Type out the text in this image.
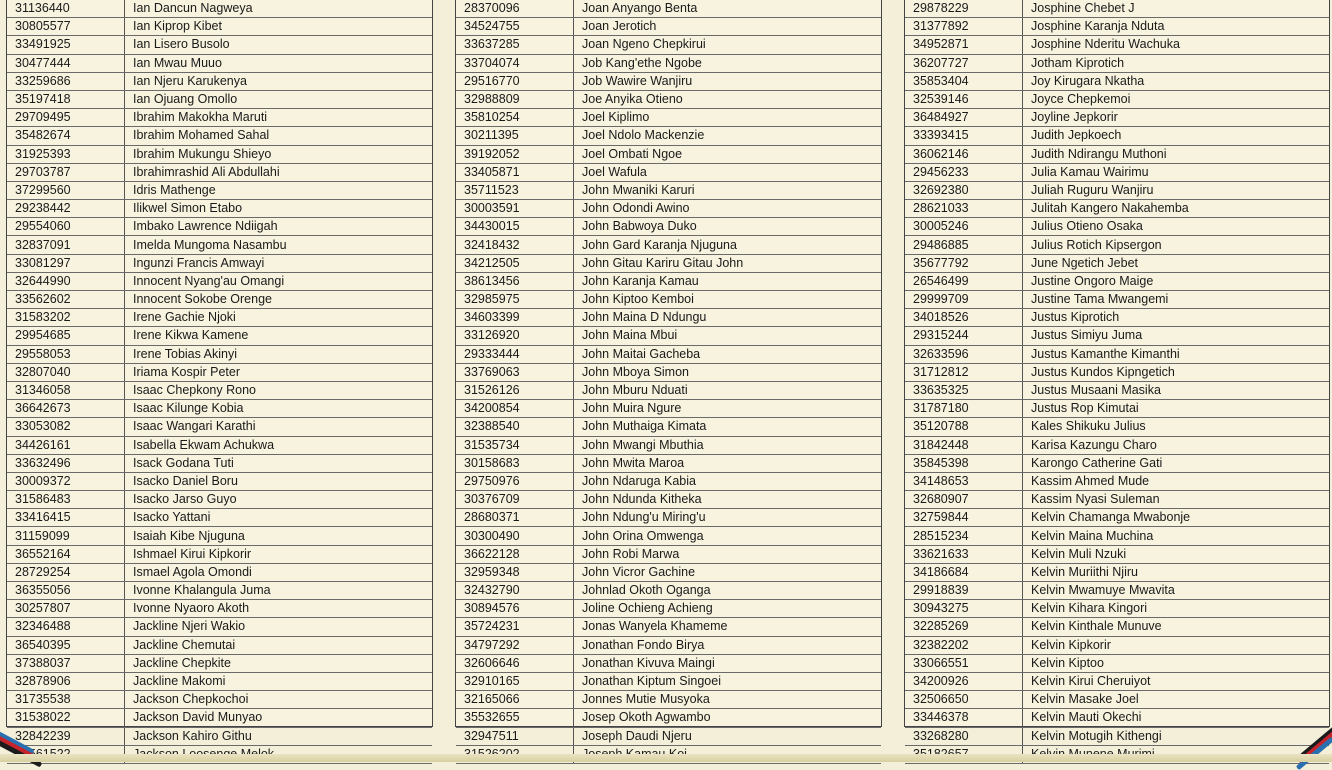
31136440	Ian Dancun Nagweya
30805577	Ian Kiprop Kibet
33491925	Ian Lisero Busolo
30477444	Ian Mwau Muuo
33259686	Ian Njeru Karukenya
35197418	Ian Ojuang Omollo
29709495	Ibrahim Makokha Maruti
35482674	Ibrahim Mohamed Sahal
31925393	Ibrahim Mukungu Shieyo
29703787	Ibrahimrashid Ali Abdullahi
37299560	Idris Mathenge
29238442	Ilikwel Simon Etabo
29554060	Imbako Lawrence Ndiigah
32837091	Imelda Mungoma Nasambu
33081297	Ingunzi Francis Amwayi
32644990	Innocent Nyang'au Omangi
33562602	Innocent Sokobe Orenge
31583202	Irene Gachie Njoki
29954685	Irene Kikwa Kamene
29558053	Irene Tobias Akinyi
32807040	Iriama Kospir Peter
31346058	Isaac Chepkony Rono
36642673	Isaac Kilunge Kobia
33053082	Isaac Wangari Karathi
34426161	Isabella Ekwam Achukwa
33632496	Isack Godana Tuti
30009372	Isacko Daniel Boru
31586483	Isacko Jarso Guyo
33416415	Isacko Yattani
31159099	Isaiah Kibe Njuguna
36552164	Ishmael Kirui Kipkorir
28729254	Ismael Agola Omondi
36355056	Ivonne Khalangula Juma
30257807	Ivonne Nyaoro Akoth
32346488	Jackline Njeri Wakio
36540395	Jackline Chemutai
37388037	Jackline Chepkite
32878906	Jackline Makomi
31735538	Jackson Chepkochoi
31538022	Jackson David Munyao
32842239	Jackson Kahiro Githu

28370096	Joan Anyango Benta
34524755	Joan Jerotich
33637285	Joan Ngeno Chepkirui
33704074	Job Kang'ethe Ngobe
29516770	Job Wawire Wanjiru
32988809	Joe Anyika Otieno
35810254	Joel Kiplimo
30211395	Joel Ndolo Mackenzie
39192052	Joel Ombati Ngoe
33405871	Joel Wafula
35711523	John Mwaniki Karuri
30003591	John Odondi Awino
34430015	John Babwoya Duko
32418432	John Gard Karanja Njuguna
34212505	John Gitau Kariru Gitau John
38613456	John Karanja Kamau
32985975	John Kiptoo Kemboi
34603399	John Maina D Ndungu
33126920	John Maina Mbui
29333444	John Maitai Gacheba
33769063	John Mboya Simon
31526126	John Mburu Nduati
34200854	John Muira Ngure
32388540	John Muthaiga Kimata
31535734	John Mwangi Mbuthia
30158683	John Mwita Maroa
29750976	John Ndaruga Kabia
30376709	John Ndunda Kitheka
28680371	John Ndung'u Miring'u
30300490	John Orina Omwenga
36622128	John Robi Marwa
32959348	John Vicror Gachine
32432790	Johnlad Okoth Oganga
30894576	Joline Ochieng Achieng
35724231	Jonas Wanyela Khameme
34797292	Jonathan Fondo Birya
32606646	Jonathan Kivuva Maingi
32910165	Jonathan Kiptum Singoei
32165066	Jonnes Mutie Musyoka
35532655	Josep Okoth Agwambo
32947511	Joseph Daudi Njeru

29878229	Josphine Chebet J
31377892	Josphine Karanja Nduta
34952871	Josphine Nderitu Wachuka
36207727	Jotham Kiprotich
35853404	Joy Kirugara Nkatha
32539146	Joyce Chepkemoi
36484927	Joyline Jepkorir
33393415	Judith Jepkoech
36062146	Judith Ndirangu Muthoni
29456233	Julia Kamau Wairimu
32692380	Juliah Ruguru Wanjiru
28621033	Julitah Kangero Nakahemba
30005246	Julius Otieno Osaka
29486885	Julius Rotich Kipsergon
35677792	June Ngetich Jebet
26546499	Justine Ongoro Maige
29999709	Justine Tama Mwangemi
34018526	Justus Kiprotich
29315244	Justus Simiyu Juma
32633596	Justus Kamanthe Kimanthi
31712812	Justus Kundos Kipngetich
33635325	Justus Musaani Masika
31787180	Justus Rop Kimutai
35120788	Kales Shikuku Julius
31842448	Karisa Kazungu Charo
35845398	Karongo Catherine Gati
34148653	Kassim Ahmed Mude
32680907	Kassim Nyasi Suleman
32759844	Kelvin Chamanga Mwabonje
28515234	Kelvin Maina Muchina
33621633	Kelvin Muli Nzuki
34186684	Kelvin Muriithi Njiru
29918839	Kelvin Mwamuye Mwavita
30943275	Kelvin Kihara Kingori
32285269	Kelvin Kinthale Munuve
32382202	Kelvin Kipkorir
33066551	Kelvin Kiptoo
34200926	Kelvin Kirui Cheruiyot
32506650	Kelvin Masake Joel
33446378	Kelvin Mauti Okechi
33268280	Kelvin Motugih Kithengi
